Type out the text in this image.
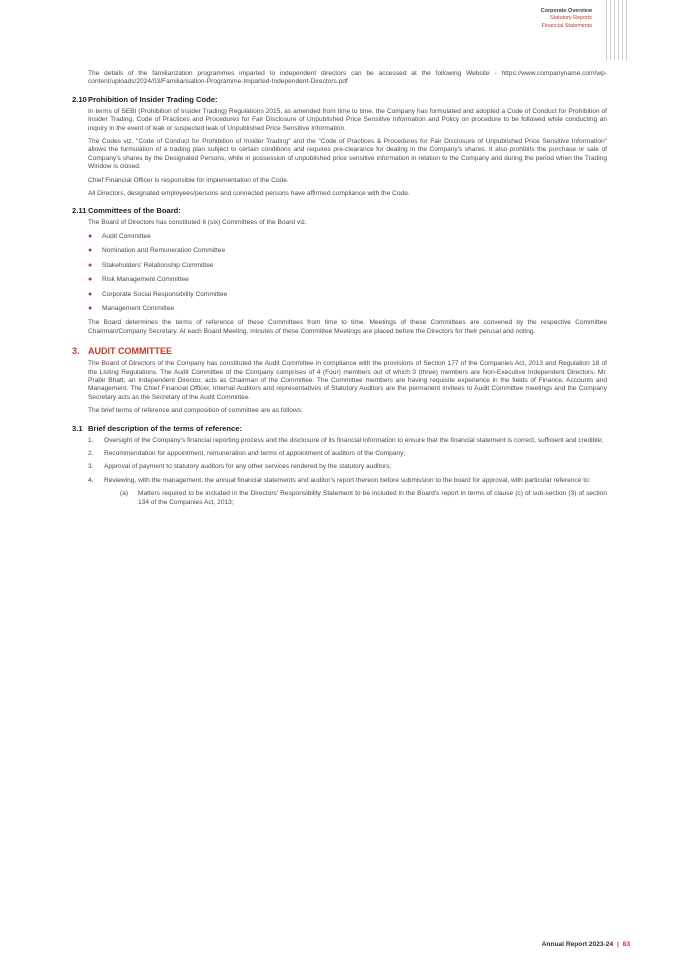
Corporate Overview
Statutory Reports
Financial Statements

The details of the familiarization programmes imparted to independent directors can be accessed at the following Website - https://www.companyname.com/wp-content/uploads/2024/03/Familiarisation-Programme-Imparted-Independent-Directors.pdf

2.10 Prohibition of Insider Trading Code:

In terms of SEBI (Prohibition of Insider Trading) Regulations 2015, as amended from time to time, the Company has formulated and adopted a Code of Conduct for Prohibition of Insider Trading, Code of Practices and Procedures for Fair Disclosure of Unpublished Price Sensitive Information and Policy on procedure to be followed while conducting an inquiry in the event of leak or suspected leak of Unpublished Price Sensitive Information.

The Codes viz. "Code of Conduct for Prohibition of Insider Trading" and the "Code of Practices & Procedures for Fair Disclosure of Unpublished Price Sensitive Information" allows the formulation of a trading plan subject to certain conditions and requires pre-clearance for dealing in the Company's shares. It also prohibits the purchase or sale of Company's shares by the Designated Persons, while in possession of unpublished price sensitive information in relation to the Company and during the period when the Trading Window is closed.

Chief Financial Officer is responsible for implementation of the Code.

All Directors, designated employees/persons and connected persons have affirmed compliance with the Code.

2.11 Committees of the Board:

The Board of Directors has constituted 6 (six) Committees of the Board viz.

●	Audit Committee
●	Nomination and Remuneration Committee
●	Stakeholders' Relationship Committee
●	Risk Management Committee
●	Corporate Social Responsibility Committee
●	Management Committee

The Board determines the terms of reference of these Committees from time to time. Meetings of these Committees are convened by the respective Committee Chairman/Company Secretary. At each Board Meeting, minutes of these Committee Meetings are placed before the Directors for their perusal and noting.

3. AUDIT COMMITTEE

The Board of Directors of the Company has constituted the Audit Committee in compliance with the provisions of Section 177 of the Companies Act, 2013 and Regulation 18 of the Listing Regulations. The Audit Committee of the Company comprises of 4 (Four) members out of which 3 (three) members are Non-Executive Independent Directors. Mr. Prabir Bhatt, an Independent Director, acts as Chairman of the Committee. The Committee members are having requisite experience in the fields of Finance, Accounts and Management. The Chief Financial Officer, Internal Auditors and representatives of Statutory Auditors are the permanent invitees to Audit Committee meetings and the Company Secretary acts as the Secretary of the Audit Committee.

The brief terms of reference and composition of committee are as follows:

3.1 Brief description of the terms of reference:
1.	Oversight of the Company's financial reporting process and the disclosure of its financial information to ensure that the financial statement is correct, sufficient and credible;
2.	Recommendation for appointment, remuneration and terms of appointment of auditors of the Company;
3.	Approval of payment to statutory auditors for any other services rendered by the statutory auditors;
4.	Reviewing, with the management, the annual financial statements and auditor's report thereon before submission to the board for approval, with particular reference to:
(a)	Matters required to be included in the Directors' Responsibility Statement to be included in the Board's report in terms of clause (c) of sub-section (3) of section 134 of the Companies Act, 2013;
Annual Report 2023-24 | 83
